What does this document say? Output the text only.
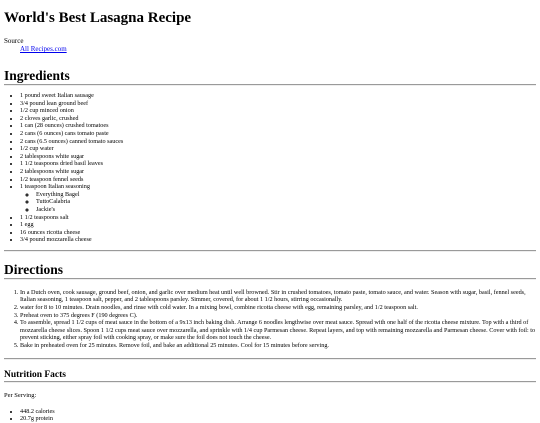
World's Best Lasagna Recipe
Source
All Recipes.com
Ingredients
• 1 pound sweet Italian sausage
• 3/4 pound lean ground beef
• 1/2 cup minced onion
• 2 cloves garlic, crushed
• 1 can (28 ounces) crushed tomatoes
• 2 cans (6 ounces) cans tomato paste
• 2 cans (6.5 ounces) canned tomato sauces
• 1/2 cup water
• 2 tablespoons white sugar
• 1 1/2 teaspoons dried basil leaves
• 2 tablespoons white sugar
• 1/2 teaspoon fennel seeds
• 1 teaspoon Italian seasoning
◦ Everything Bagel
◦ TuttoCalabria
◦ Jackie's
• 1 1/2 teaspoons salt
• 1 egg
• 16 ounces ricotta cheese
• 3/4 pound mozzarella cheese
Directions
1. In a Dutch oven, cook sausage, ground beef, onion, and garlic over medium heat until well browned. Stir in crushed tomatoes, tomato paste, tomato sauce, and water. Season with sugar, basil, fennel seeds, Italian seasoning, 1 teaspoon salt, pepper, and 2 tablespoons parsley. Simmer, covered, for about 1 1/2 hours, stirring occasionally.
2. water for 8 to 10 minutes. Drain noodles, and rinse with cold water. In a mixing bowl, combine ricotta cheese with egg, remaining parsley, and 1/2 teaspoon salt.
3. Preheat oven to 375 degrees F (190 degrees C).
4. To assemble, spread 1 1/2 cups of meat sauce in the bottom of a 9x13 inch baking dish. Arrange 6 noodles lengthwise over meat sauce. Spread with one half of the ricotta cheese mixture. Top with a third of mozzarella cheese slices. Spoon 1 1/2 cups meat sauce over mozzarella, and sprinkle with 1/4 cup Parmesan cheese. Repeat layers, and top with remaining mozzarella and Parmesan cheese. Cover with foil: to prevent sticking, either spray foil with cooking spray, or make sure the foil does not touch the cheese.
5. Bake in preheated oven for 25 minutes. Remove foil, and bake an additional 25 minutes. Cool for 15 minutes before serving.
Nutrition Facts
Per Serving:
• 448.2 calories
• 20.7g protein
